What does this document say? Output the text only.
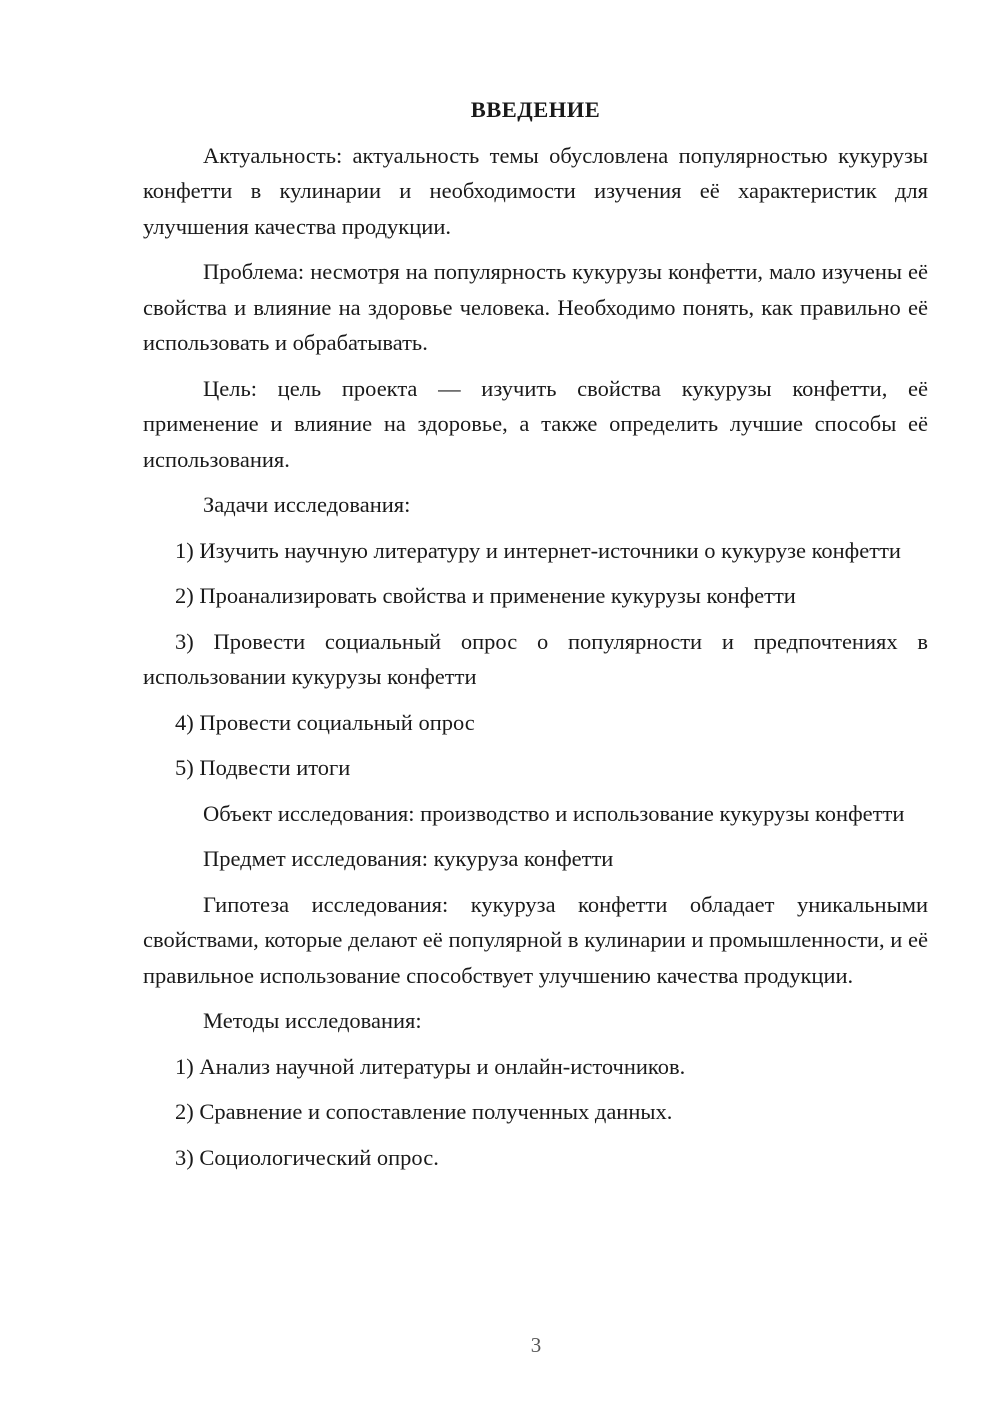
ВВЕДЕНИЕ
Актуальность: актуальность темы обусловлена популярностью кукурузы конфетти в кулинарии и необходимости изучения её характеристик для улучшения качества продукции.
Проблема: несмотря на популярность кукурузы конфетти, мало изучены её свойства и влияние на здоровье человека. Необходимо понять, как правильно её использовать и обрабатывать.
Цель: цель проекта — изучить свойства кукурузы конфетти, её применение и влияние на здоровье, а также определить лучшие способы её использования.
Задачи исследования:
1) Изучить научную литературу и интернет-источники о кукурузе конфетти
2) Проанализировать свойства и применение кукурузы конфетти
3) Провести социальный опрос о популярности и предпочтениях в использовании кукурузы конфетти
4) Провести социальный опрос
5) Подвести итоги
Объект исследования: производство и использование кукурузы конфетти
Предмет исследования: кукуруза конфетти
Гипотеза исследования: кукуруза конфетти обладает уникальными свойствами, которые делают её популярной в кулинарии и промышленности, и её правильное использование способствует улучшению качества продукции.
Методы исследования:
1) Анализ научной литературы и онлайн-источников.
2) Сравнение и сопоставление полученных данных.
3) Социологический опрос.
3
